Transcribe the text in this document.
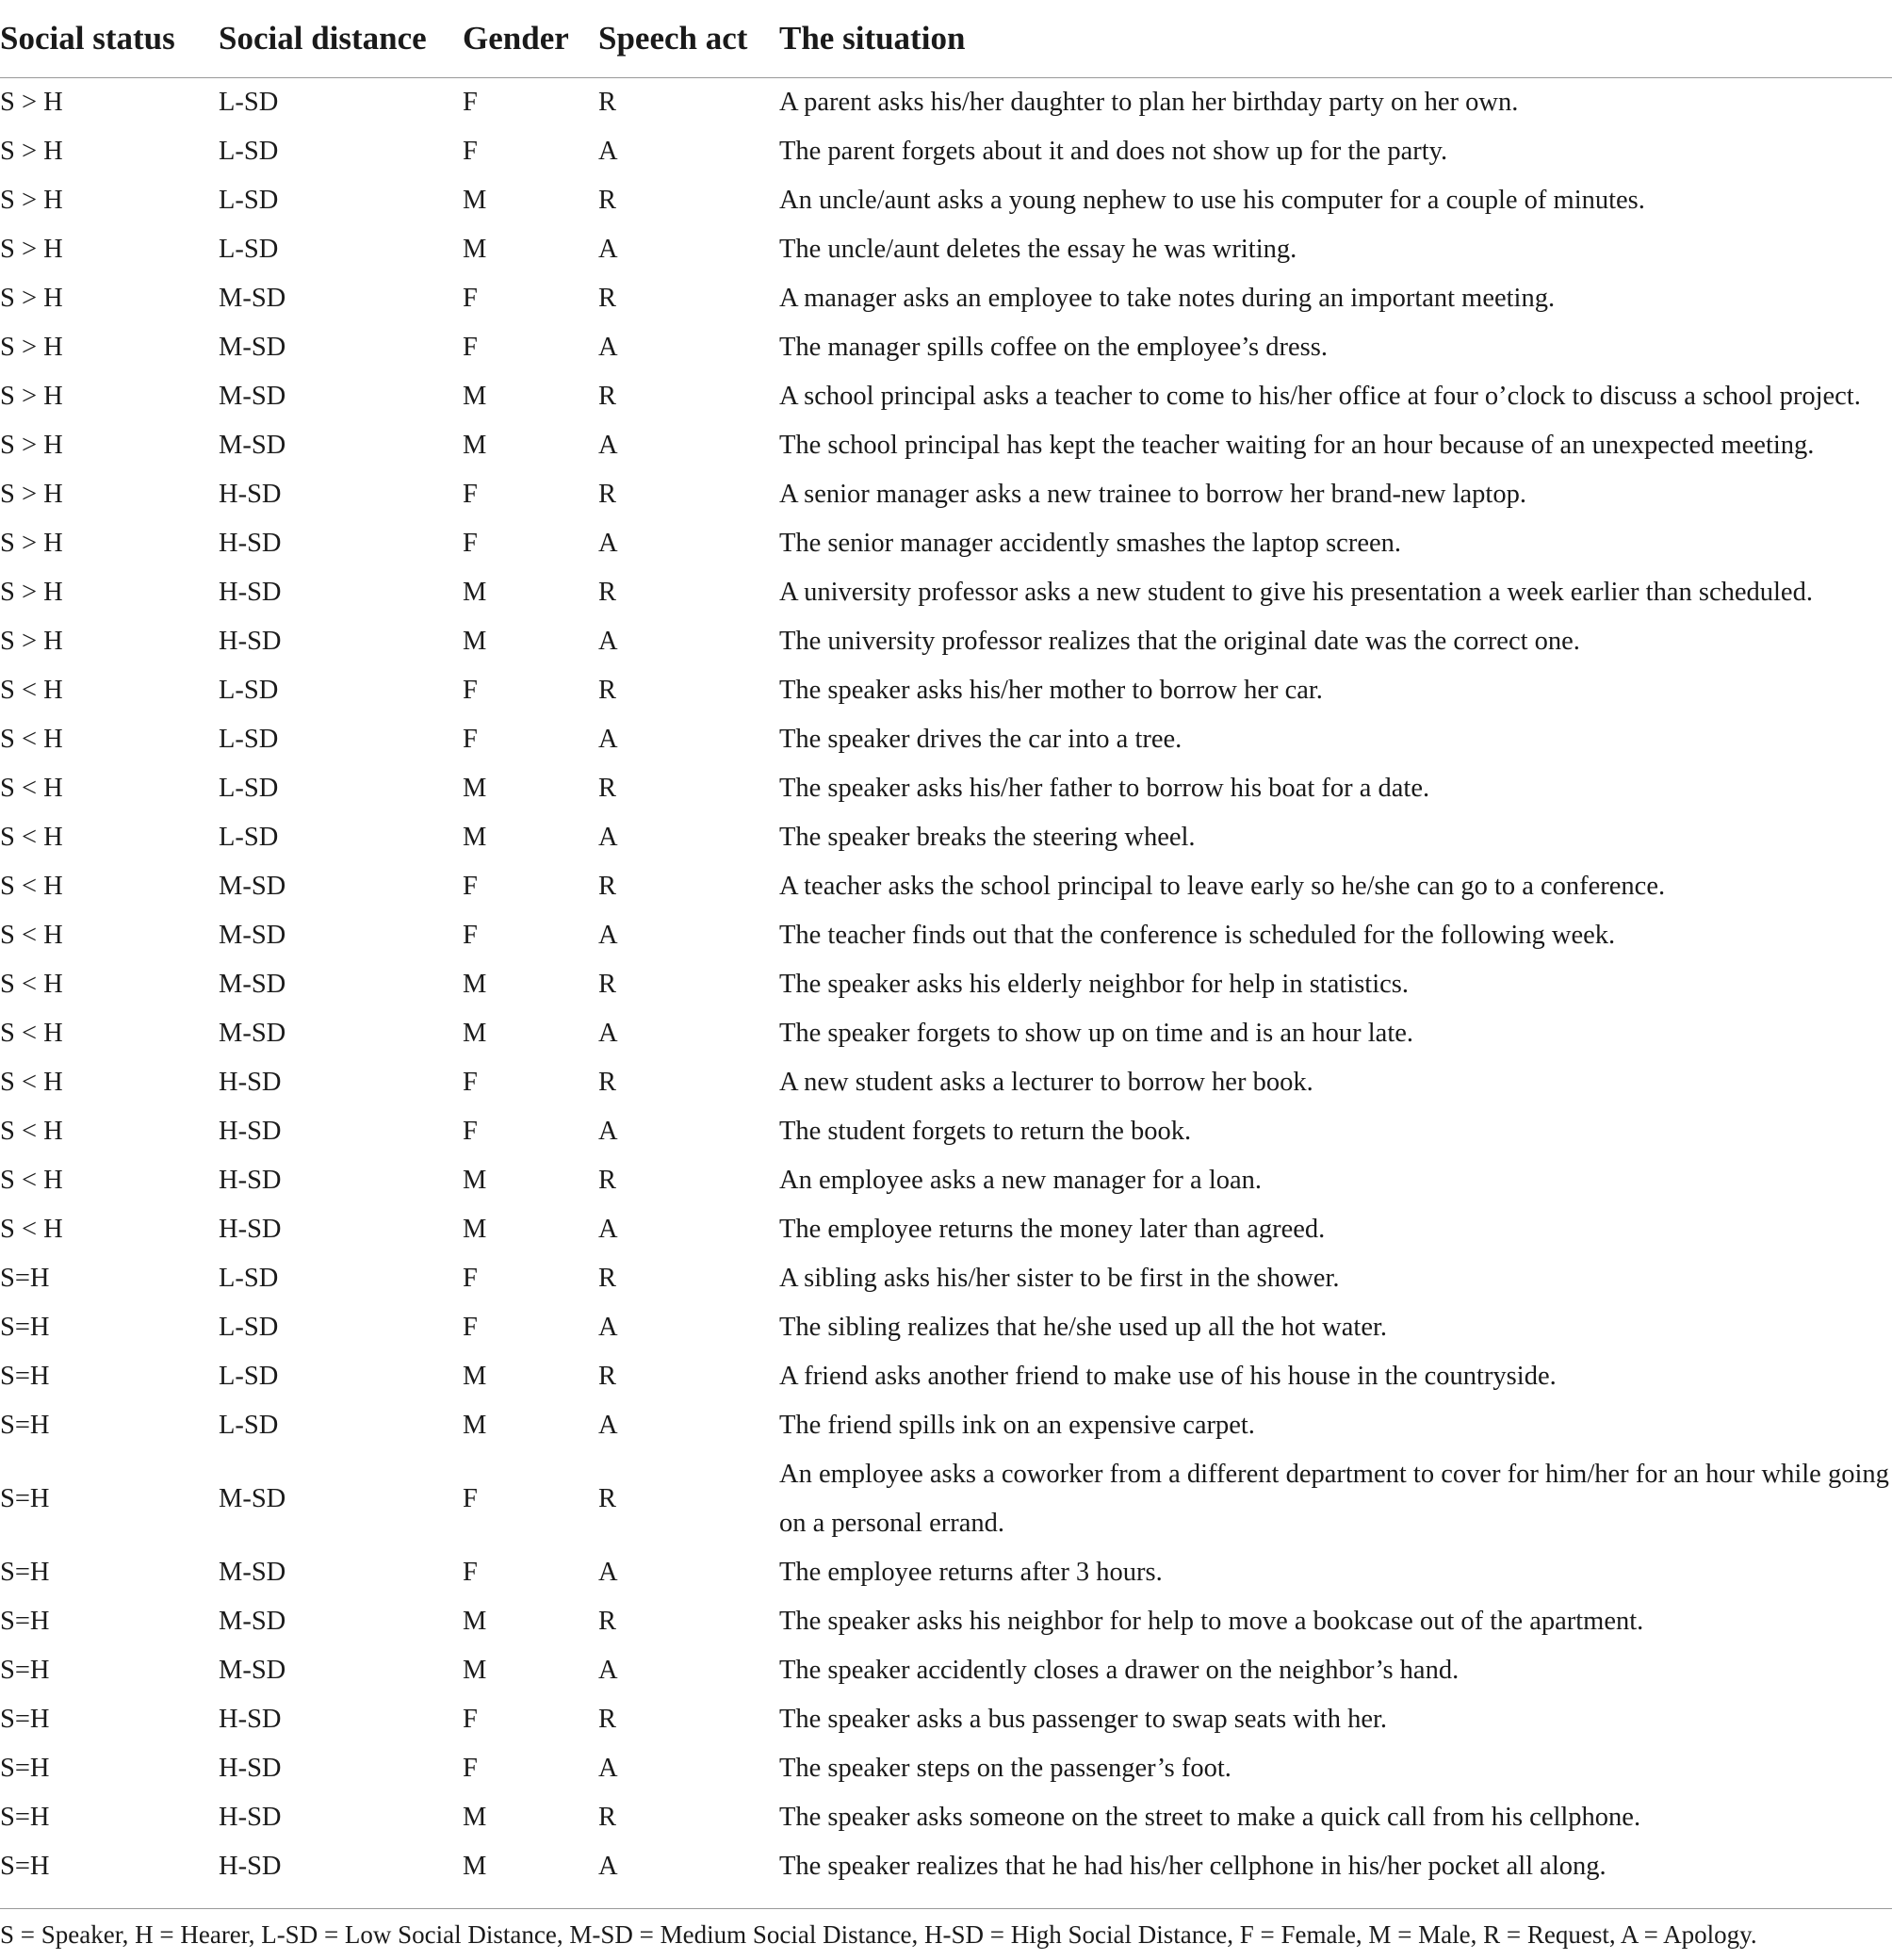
Social status	Social distance	Gender	Speech act	The situation
S > H	L-SD	F	R	A parent asks his/her daughter to plan her birthday party on her own.
S > H	L-SD	F	A	The parent forgets about it and does not show up for the party.
S > H	L-SD	M	R	An uncle/aunt asks a young nephew to use his computer for a couple of minutes.
S > H	L-SD	M	A	The uncle/aunt deletes the essay he was writing.
S > H	M-SD	F	R	A manager asks an employee to take notes during an important meeting.
S > H	M-SD	F	A	The manager spills coffee on the employee’s dress.
S > H	M-SD	M	R	A school principal asks a teacher to come to his/her office at four o’clock to discuss a school project.
S > H	M-SD	M	A	The school principal has kept the teacher waiting for an hour because of an unexpected meeting.
S > H	H-SD	F	R	A senior manager asks a new trainee to borrow her brand-new laptop.
S > H	H-SD	F	A	The senior manager accidently smashes the laptop screen.
S > H	H-SD	M	R	A university professor asks a new student to give his presentation a week earlier than scheduled.
S > H	H-SD	M	A	The university professor realizes that the original date was the correct one.
S < H	L-SD	F	R	The speaker asks his/her mother to borrow her car.
S < H	L-SD	F	A	The speaker drives the car into a tree.
S < H	L-SD	M	R	The speaker asks his/her father to borrow his boat for a date.
S < H	L-SD	M	A	The speaker breaks the steering wheel.
S < H	M-SD	F	R	A teacher asks the school principal to leave early so he/she can go to a conference.
S < H	M-SD	F	A	The teacher finds out that the conference is scheduled for the following week.
S < H	M-SD	M	R	The speaker asks his elderly neighbor for help in statistics.
S < H	M-SD	M	A	The speaker forgets to show up on time and is an hour late.
S < H	H-SD	F	R	A new student asks a lecturer to borrow her book.
S < H	H-SD	F	A	The student forgets to return the book.
S < H	H-SD	M	R	An employee asks a new manager for a loan.
S < H	H-SD	M	A	The employee returns the money later than agreed.
S=H	L-SD	F	R	A sibling asks his/her sister to be first in the shower.
S=H	L-SD	F	A	The sibling realizes that he/she used up all the hot water.
S=H	L-SD	M	R	A friend asks another friend to make use of his house in the countryside.
S=H	L-SD	M	A	The friend spills ink on an expensive carpet.
S=H	M-SD	F	R	An employee asks a coworker from a different department to cover for him/her for an hour while going on a personal errand.
S=H	M-SD	F	A	The employee returns after 3 hours.
S=H	M-SD	M	R	The speaker asks his neighbor for help to move a bookcase out of the apartment.
S=H	M-SD	M	A	The speaker accidently closes a drawer on the neighbor’s hand.
S=H	H-SD	F	R	The speaker asks a bus passenger to swap seats with her.
S=H	H-SD	F	A	The speaker steps on the passenger’s foot.
S=H	H-SD	M	R	The speaker asks someone on the street to make a quick call from his cellphone.
S=H	H-SD	M	A	The speaker realizes that he had his/her cellphone in his/her pocket all along.
S = Speaker, H = Hearer, L-SD = Low Social Distance, M-SD = Medium Social Distance, H-SD = High Social Distance, F = Female, M = Male, R = Request, A = Apology.
